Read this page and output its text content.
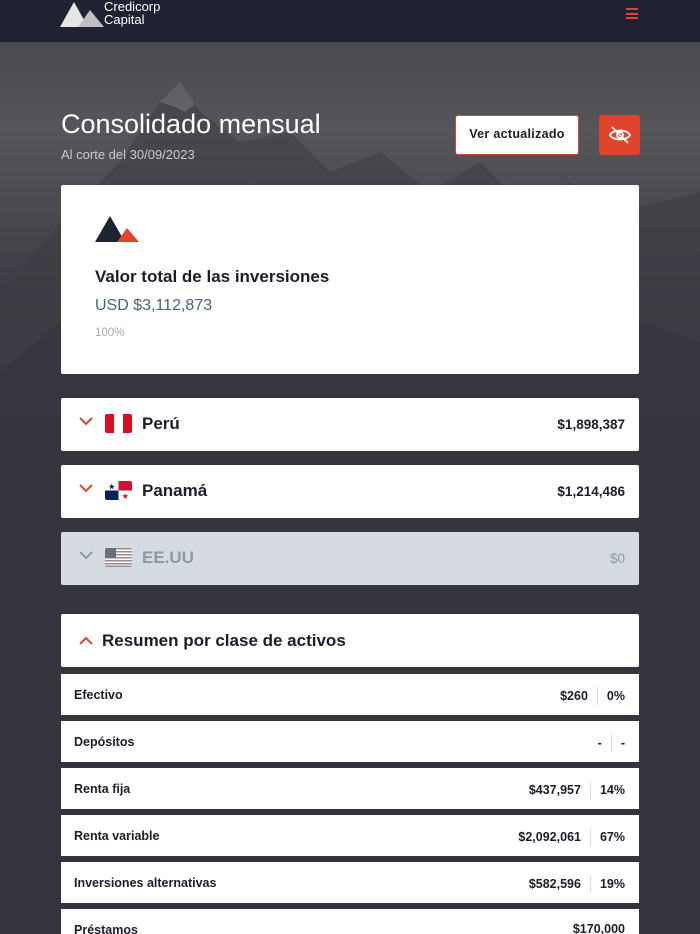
Credicorp
Capital
Consolidado mensual
Al corte del 30/09/2023
Ver actualizado
Valor total de las inversiones
USD $3,112,873
100%
Perú	$1,898,387
Panamá	$1,214,486
EE.UU	$0
Resumen por clase de activos
Efectivo	$260 0%
Depósitos	- -
Renta fija	$437,957 14%
Renta variable	$2,092,061 67%
Inversiones alternativas	$582,596 19%
Préstamos	$170,000
